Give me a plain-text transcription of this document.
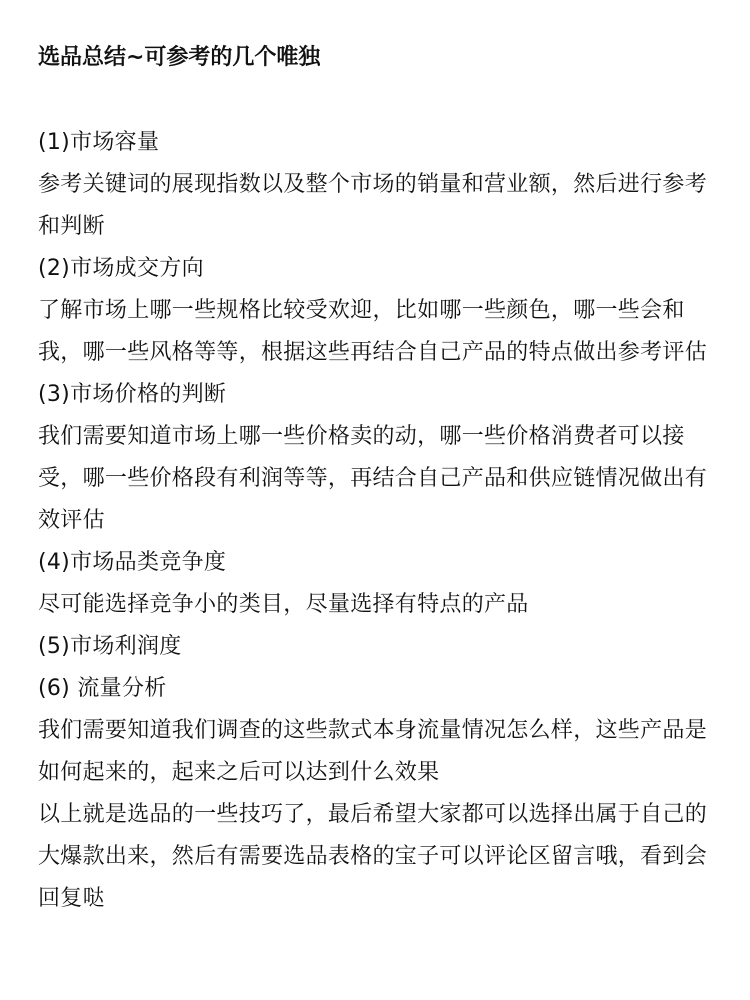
选品总结~可参考的几个唯独
(1)市场容量
参考关键词的展现指数以及整个市场的销量和营业额，然后进行参考和判断
(2)市场成交方向
了解市场上哪一些规格比较受欢迎，比如哪一些颜色，哪一些会和我，哪一些风格等等，根据这些再结合自己产品的特点做出参考评估
(3)市场价格的判断
我们需要知道市场上哪一些价格卖的动，哪一些价格消费者可以接受，哪一些价格段有利润等等，再结合自己产品和供应链情况做出有效评估
(4)市场品类竞争度
尽可能选择竞争小的类目，尽量选择有特点的产品
(5)市场利润度
(6) 流量分析
我们需要知道我们调查的这些款式本身流量情况怎么样，这些产品是如何起来的，起来之后可以达到什么效果
以上就是选品的一些技巧了，最后希望大家都可以选择出属于自己的大爆款出来，然后有需要选品表格的宝子可以评论区留言哦，看到会回复哒
